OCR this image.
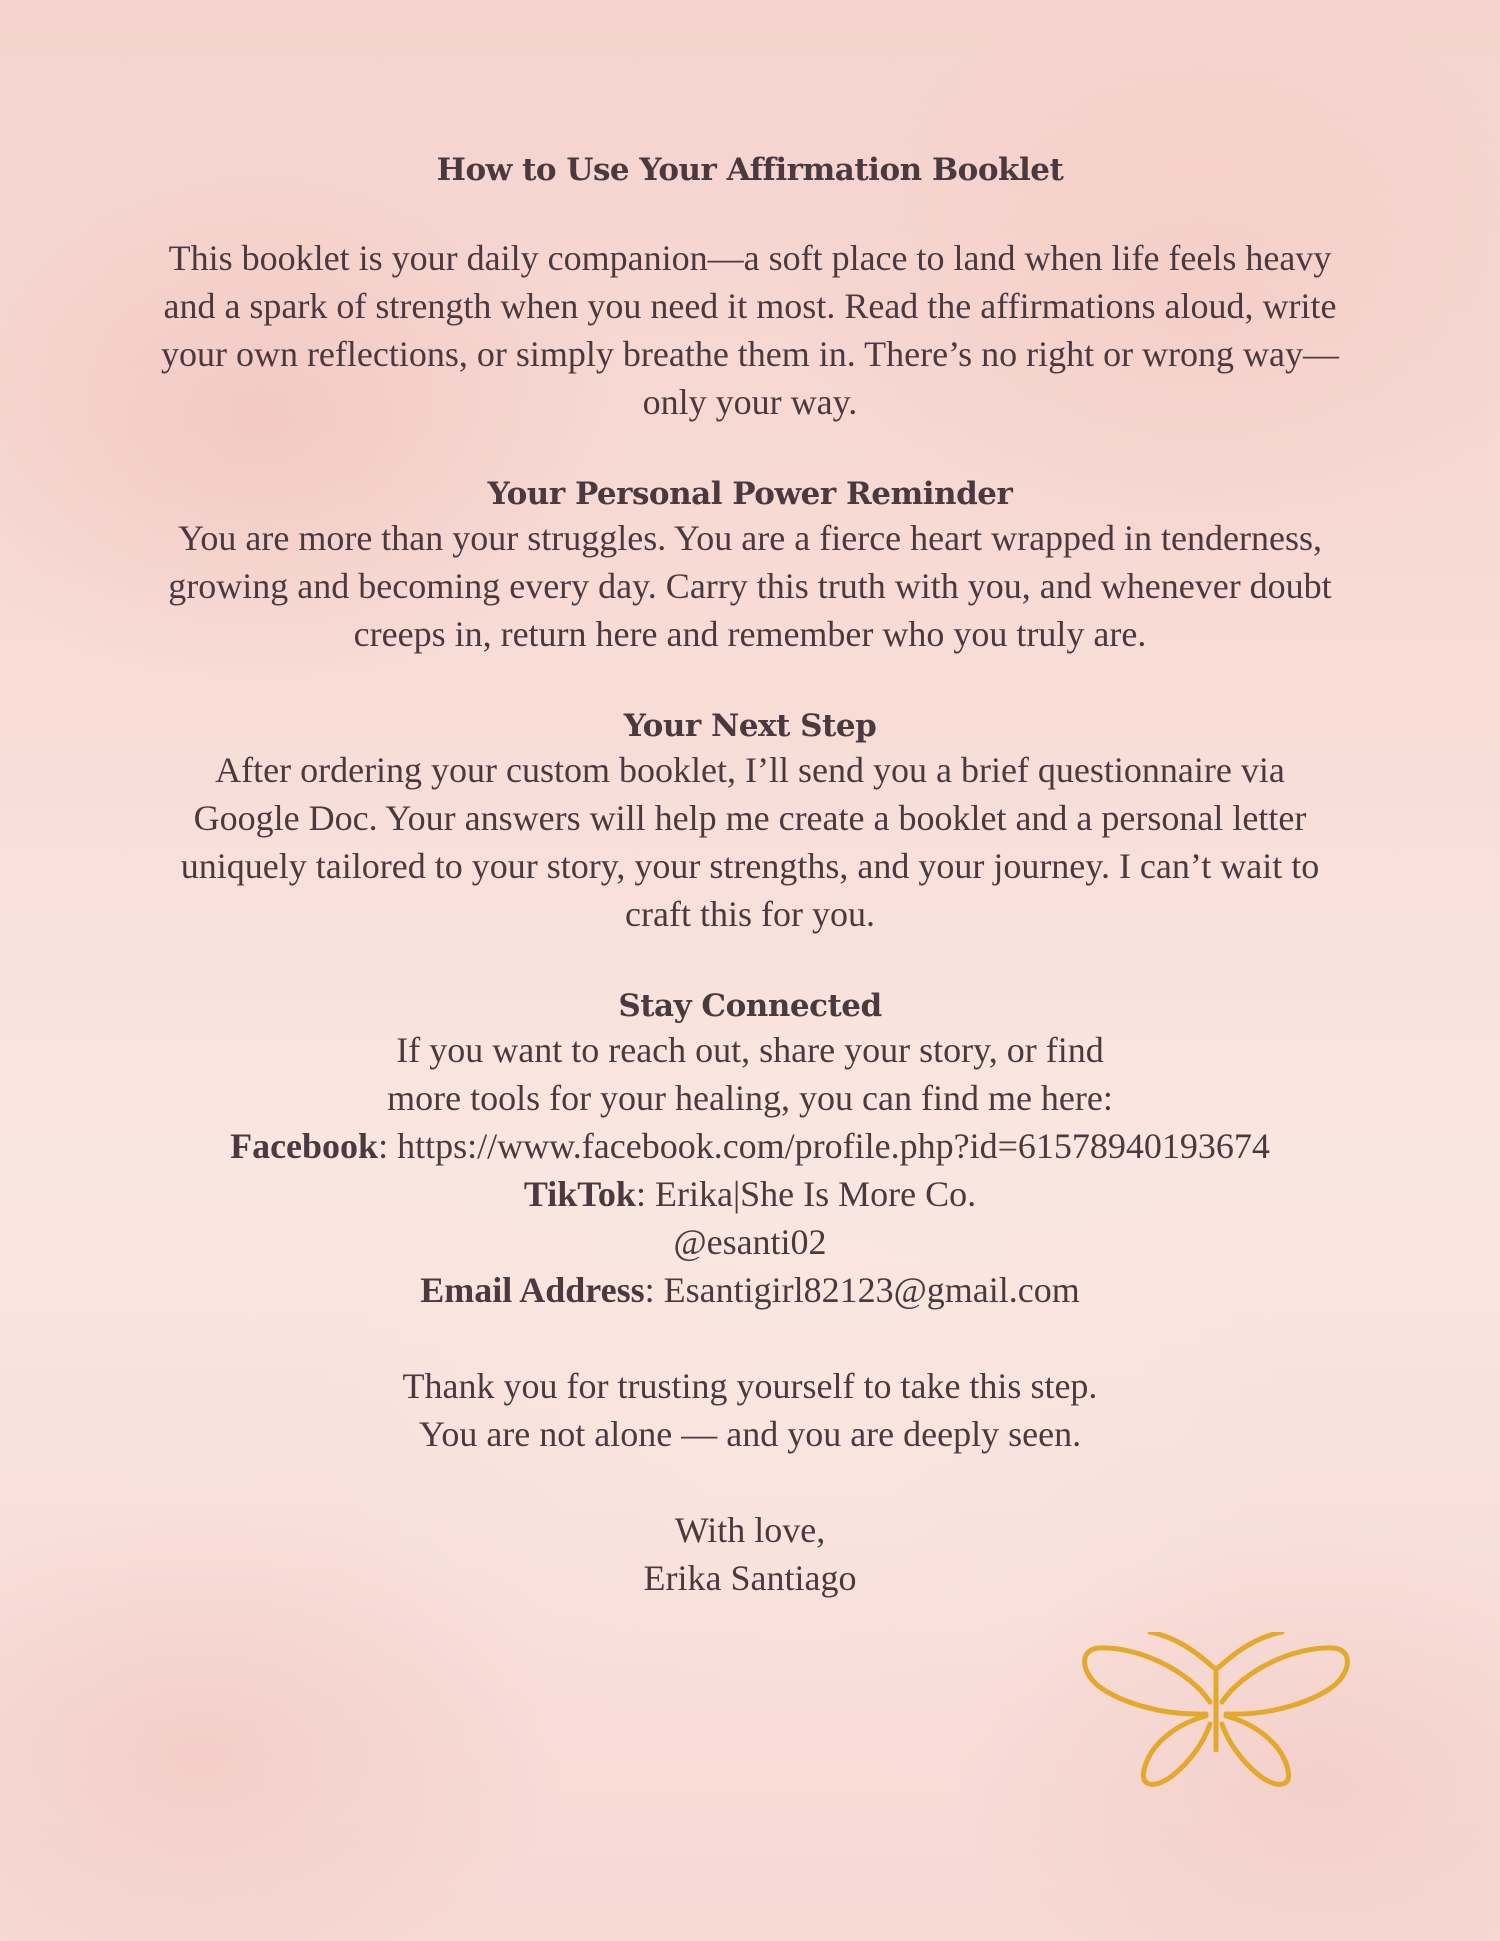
How to Use Your Affirmation Booklet

This booklet is your daily companion—a soft place to land when life feels heavy and a spark of strength when you need it most. Read the affirmations aloud, write your own reflections, or simply breathe them in. There’s no right or wrong way—only your way.

Your Personal Power Reminder

You are more than your struggles. You are a fierce heart wrapped in tenderness, growing and becoming every day. Carry this truth with you, and whenever doubt creeps in, return here and remember who you truly are.

Your Next Step

After ordering your custom booklet, I’ll send you a brief questionnaire via Google Doc. Your answers will help me create a booklet and a personal letter uniquely tailored to your story, your strengths, and your journey. I can’t wait to craft this for you.

Stay Connected

If you want to reach out, share your story, or find more tools for your healing, you can find me here:

Facebook: https://www.facebook.com/profile.php?id=61578940193674
TikTok: Erika|She Is More Co.
@esanti02
Email Address: Esantigirl82123@gmail.com
Thank you for trusting yourself to take this step.
You are not alone — and you are deeply seen.
With love,
Erika Santiago
